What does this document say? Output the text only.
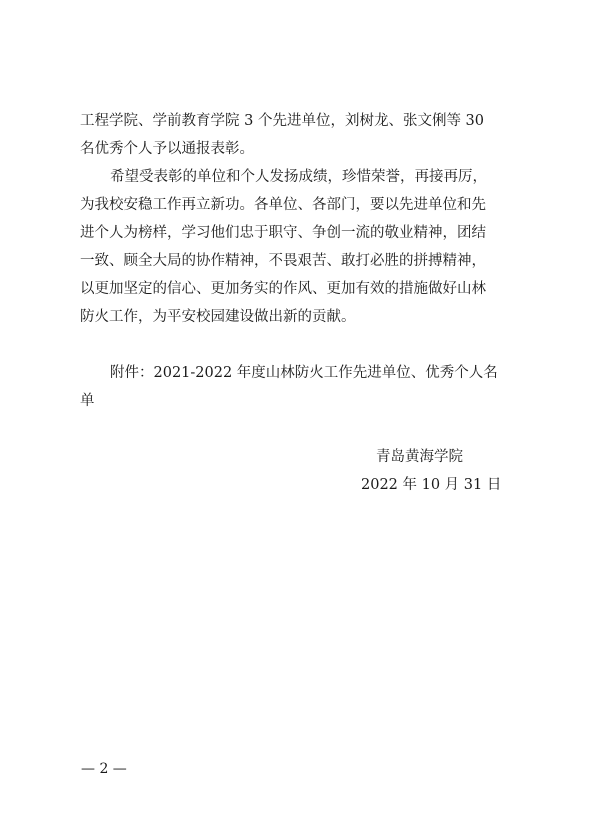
工程学院、学前教育学院 3 个先进单位，刘树龙、张文俐等 30
名优秀个人予以通报表彰。
希望受表彰的单位和个人发扬成绩，珍惜荣誉，再接再厉，
为我校安稳工作再立新功。各单位、各部门，要以先进单位和先
进个人为榜样，学习他们忠于职守、争创一流的敬业精神，团结
一致、顾全大局的协作精神，不畏艰苦、敢打必胜的拼搏精神，
以更加坚定的信心、更加务实的作风、更加有效的措施做好山林
防火工作，为平安校园建设做出新的贡献。
附件：2021-2022 年度山林防火工作先进单位、优秀个人名
单
青岛黄海学院
2022 年 10 月 31 日
— 2 —
